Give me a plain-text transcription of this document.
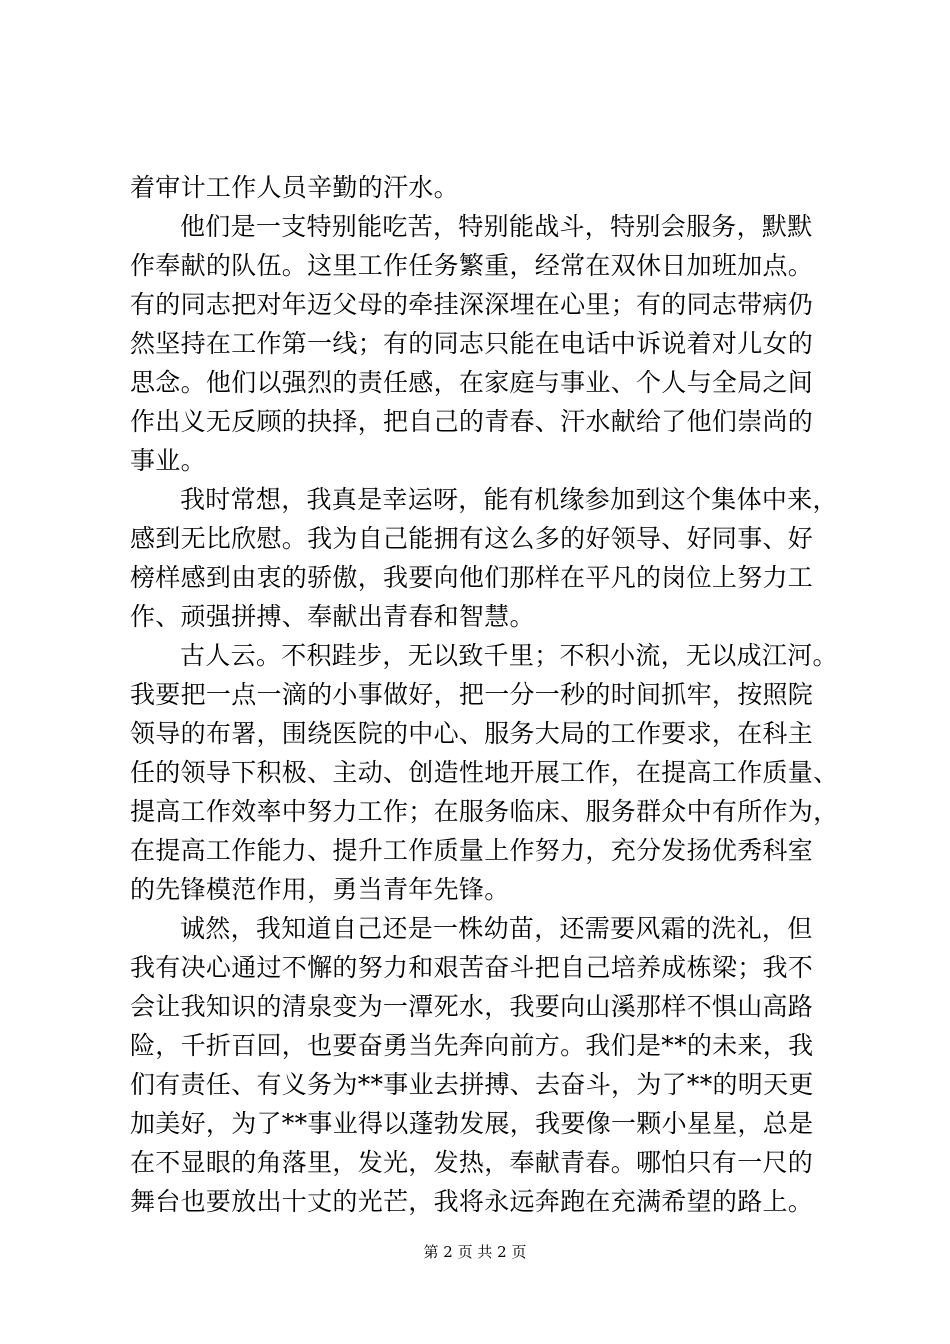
着审计工作人员辛勤的汗水。
他们是一支特别能吃苦，特别能战斗，特别会服务，默默
作奉献的队伍。这里工作任务繁重，经常在双休日加班加点。
有的同志把对年迈父母的牵挂深深埋在心里；有的同志带病仍
然坚持在工作第一线；有的同志只能在电话中诉说着对儿女的
思念。他们以强烈的责任感，在家庭与事业、个人与全局之间
作出义无反顾的抉择，把自己的青春、汗水献给了他们崇尚的
事业。
我时常想，我真是幸运呀，能有机缘参加到这个集体中来，
感到无比欣慰。我为自己能拥有这么多的好领导、好同事、好
榜样感到由衷的骄傲，我要向他们那样在平凡的岗位上努力工
作、顽强拼搏、奉献出青春和智慧。
古人云。不积跬步，无以致千里；不积小流，无以成江河。
我要把一点一滴的小事做好，把一分一秒的时间抓牢，按照院
领导的布署，围绕医院的中心、服务大局的工作要求，在科主
任的领导下积极、主动、创造性地开展工作，在提高工作质量、
提高工作效率中努力工作；在服务临床、服务群众中有所作为，
在提高工作能力、提升工作质量上作努力，充分发扬优秀科室
的先锋模范作用，勇当青年先锋。
诚然，我知道自己还是一株幼苗，还需要风霜的洗礼，但
我有决心通过不懈的努力和艰苦奋斗把自己培养成栋梁；我不
会让我知识的清泉变为一潭死水，我要向山溪那样不惧山高路
险，千折百回，也要奋勇当先奔向前方。我们是**的未来，我
们有责任、有义务为**事业去拼搏、去奋斗，为了**的明天更
加美好，为了**事业得以蓬勃发展，我要像一颗小星星，总是
在不显眼的角落里，发光，发热，奉献青春。哪怕只有一尺的
舞台也要放出十丈的光芒，我将永远奔跑在充满希望的路上。
第 2 页 共 2 页
